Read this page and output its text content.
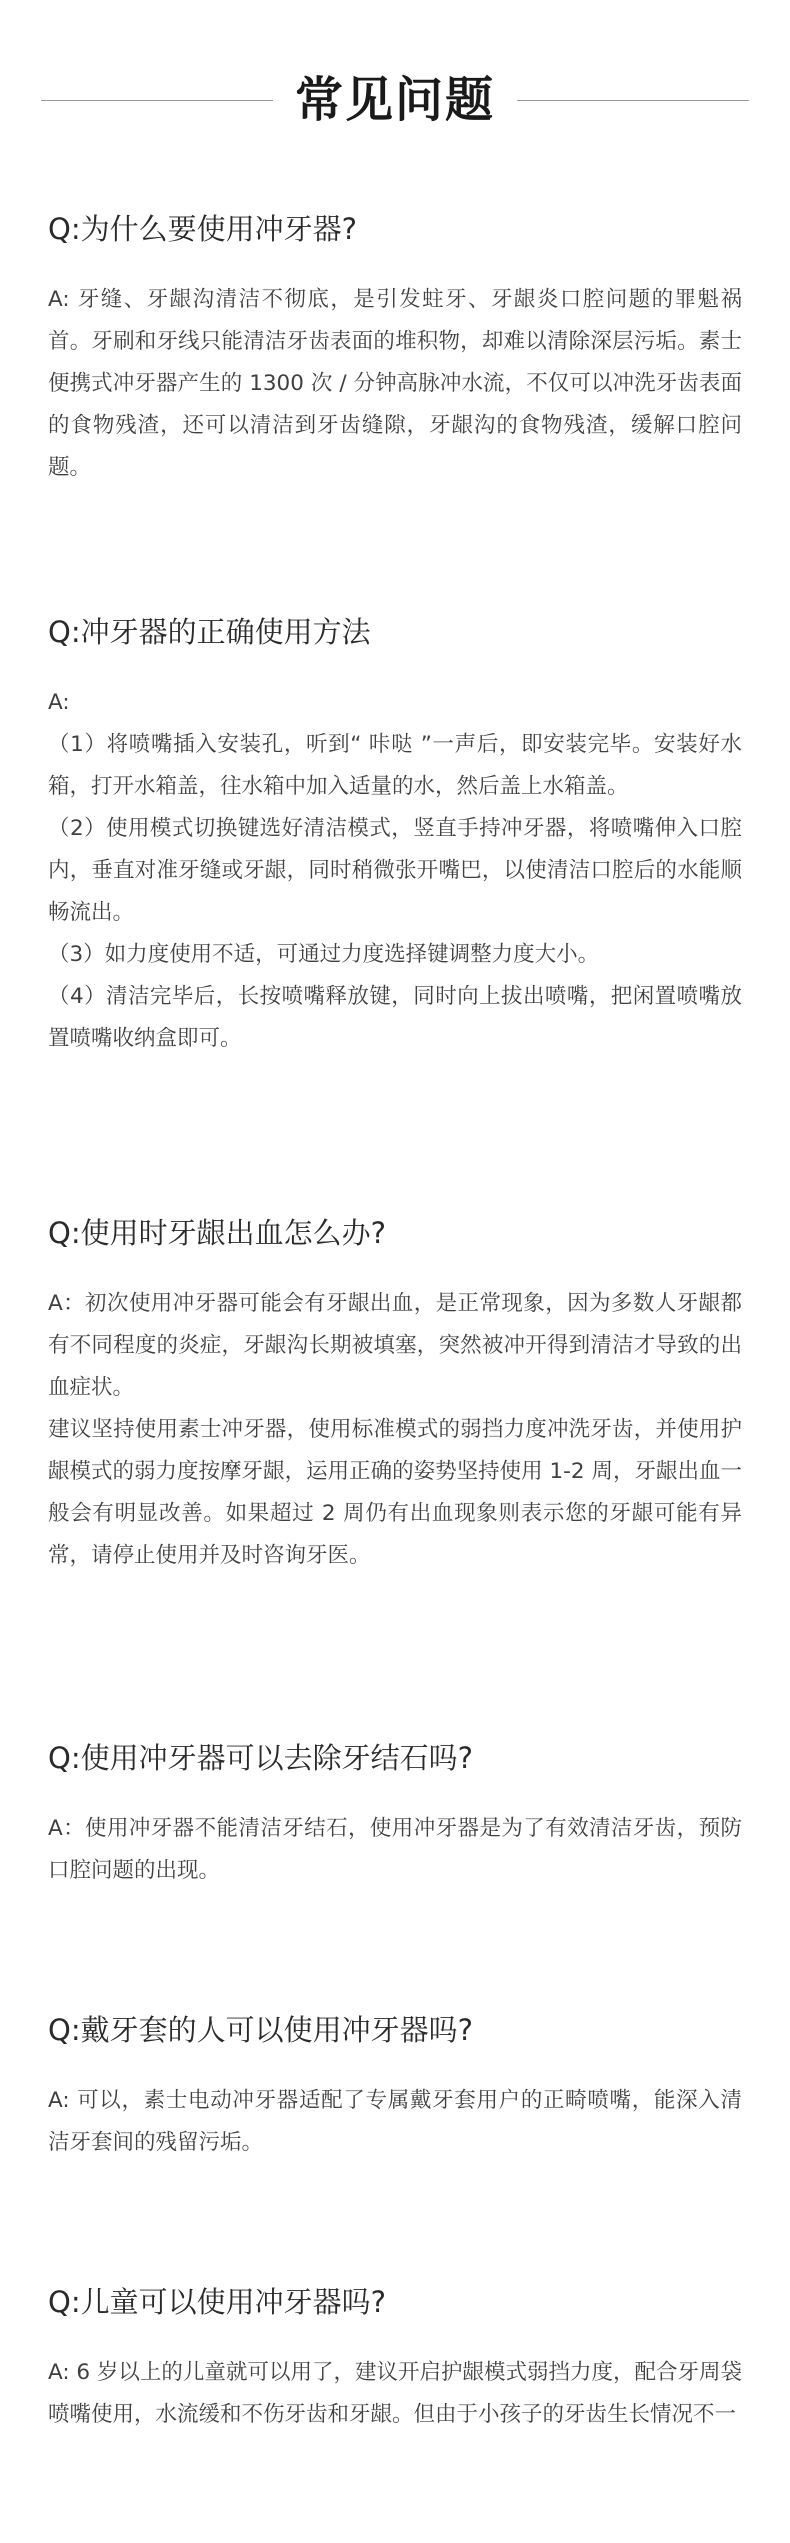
常见问题
Q:为什么要使用冲牙器?

A: 牙缝、牙龈沟清洁不彻底，是引发蛀牙、牙龈炎口腔问题的罪魁祸首。牙刷和牙线只能清洁牙齿表面的堆积物，却难以清除深层污垢。素士便携式冲牙器产生的 1300 次 / 分钟高脉冲水流，不仅可以冲洗牙齿表面的食物残渣，还可以清洁到牙齿缝隙，牙龈沟的食物残渣，缓解口腔问题。

Q:冲牙器的正确使用方法

A:

（1）将喷嘴插入安装孔，听到“ 咔哒 ”一声后，即安装完毕。安装好水箱，打开水箱盖，往水箱中加入适量的水，然后盖上水箱盖。

（2）使用模式切换键选好清洁模式，竖直手持冲牙器，将喷嘴伸入口腔内，垂直对准牙缝或牙龈，同时稍微张开嘴巴，以使清洁口腔后的水能顺畅流出。

（3）如力度使用不适，可通过力度选择键调整力度大小。

（4）清洁完毕后，长按喷嘴释放键，同时向上拔出喷嘴，把闲置喷嘴放置喷嘴收纳盒即可。

Q:使用时牙龈出血怎么办?

A：初次使用冲牙器可能会有牙龈出血，是正常现象，因为多数人牙龈都有不同程度的炎症，牙龈沟长期被填塞，突然被冲开得到清洁才导致的出血症状。

建议坚持使用素士冲牙器，使用标准模式的弱挡力度冲洗牙齿，并使用护龈模式的弱力度按摩牙龈，运用正确的姿势坚持使用 1-2 周，牙龈出血一般会有明显改善。如果超过 2 周仍有出血现象则表示您的牙龈可能有异常，请停止使用并及时咨询牙医。

Q:使用冲牙器可以去除牙结石吗?

A：使用冲牙器不能清洁牙结石，使用冲牙器是为了有效清洁牙齿，预防口腔问题的出现。

Q:戴牙套的人可以使用冲牙器吗?

A: 可以，素士电动冲牙器适配了专属戴牙套用户的正畸喷嘴，能深入清洁牙套间的残留污垢。

Q:儿童可以使用冲牙器吗?

A: 6 岁以上的儿童就可以用了，建议开启护龈模式弱挡力度，配合牙周袋喷嘴使用，水流缓和不伤牙齿和牙龈。但由于小孩子的牙齿生长情况不一
